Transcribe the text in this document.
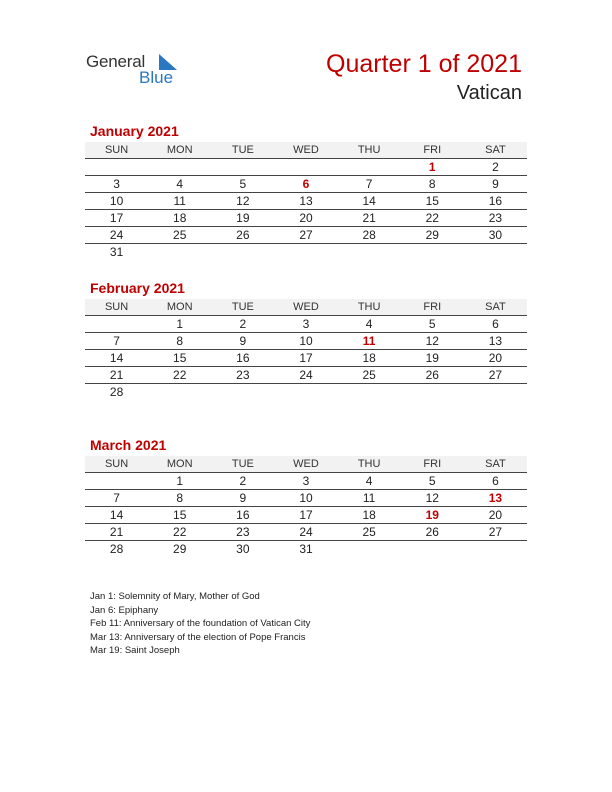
General
Blue	Quarter 1 of 2021
Vatican
January 2021
SUN	MON	TUE	WED	THU	FRI	SAT
					1	2
3	4	5	6	7	8	9
10	11	12	13	14	15	16
17	18	19	20	21	22	23
24	25	26	27	28	29	30
31						
February 2021
SUN	MON	TUE	WED	THU	FRI	SAT
	1	2	3	4	5	6
7	8	9	10	11	12	13
14	15	16	17	18	19	20
21	22	23	24	25	26	27
28						
March 2021
SUN	MON	TUE	WED	THU	FRI	SAT
	1	2	3	4	5	6
7	8	9	10	11	12	13
14	15	16	17	18	19	20
21	22	23	24	25	26	27
28	29	30	31			
Jan 1: Solemnity of Mary, Mother of God
Jan 6: Epiphany
Feb 11: Anniversary of the foundation of Vatican City
Mar 13: Anniversary of the election of Pope Francis
Mar 19: Saint Joseph
